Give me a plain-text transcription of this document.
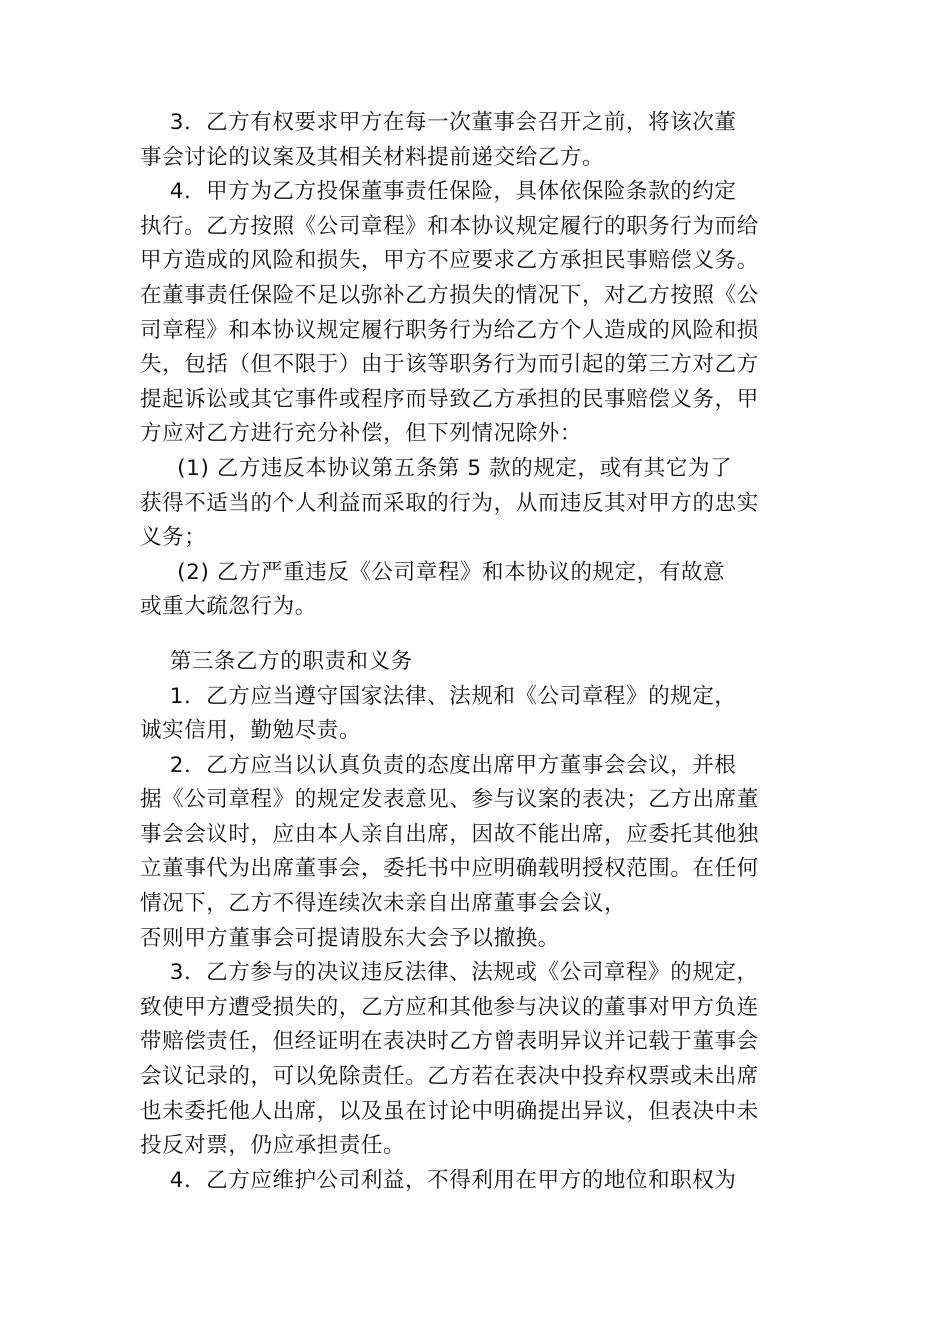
3．乙方有权要求甲方在每一次董事会召开之前，将该次董
事会讨论的议案及其相关材料提前递交给乙方。
4．甲方为乙方投保董事责任保险，具体依保险条款的约定
执行。乙方按照《公司章程》和本协议规定履行的职务行为而给
甲方造成的风险和损失，甲方不应要求乙方承担民事赔偿义务。
在董事责任保险不足以弥补乙方损失的情况下，对乙方按照《公
司章程》和本协议规定履行职务行为给乙方个人造成的风险和损
失，包括（但不限于）由于该等职务行为而引起的第三方对乙方
提起诉讼或其它事件或程序而导致乙方承担的民事赔偿义务，甲
方应对乙方进行充分补偿，但下列情况除外：
(1) 乙方违反本协议第五条第 5 款的规定，或有其它为了
获得不适当的个人利益而采取的行为，从而违反其对甲方的忠实
义务；
(2) 乙方严重违反《公司章程》和本协议的规定，有故意
或重大疏忽行为。
第三条乙方的职责和义务
1．乙方应当遵守国家法律、法规和《公司章程》的规定，
诚实信用，勤勉尽责。
2．乙方应当以认真负责的态度出席甲方董事会会议，并根
据《公司章程》的规定发表意见、参与议案的表决；乙方出席董
事会会议时，应由本人亲自出席，因故不能出席，应委托其他独
立董事代为出席董事会，委托书中应明确载明授权范围。在任何
情况下，乙方不得连续次未亲自出席董事会会议，
否则甲方董事会可提请股东大会予以撤换。
3．乙方参与的决议违反法律、法规或《公司章程》的规定，
致使甲方遭受损失的，乙方应和其他参与决议的董事对甲方负连
带赔偿责任，但经证明在表决时乙方曾表明异议并记载于董事会
会议记录的，可以免除责任。乙方若在表决中投弃权票或未出席
也未委托他人出席，以及虽在讨论中明确提出异议，但表决中未
投反对票，仍应承担责任。
4．乙方应维护公司利益，不得利用在甲方的地位和职权为
